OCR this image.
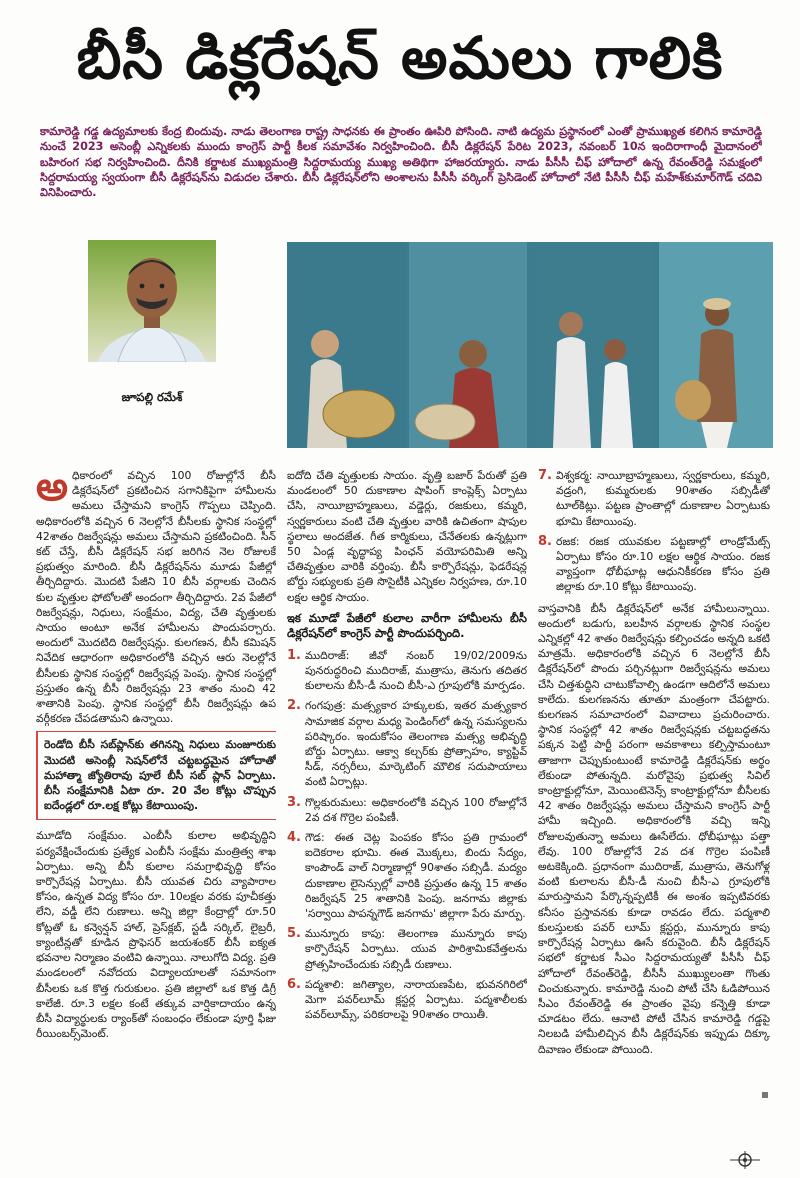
బీసీ డిక్లరేషన్ అమలు గాలికి

కామారెడ్డి గడ్డ ఉద్యమాలకు కేంద్ర బిందువు. నాడు తెలంగాణ రాష్ట్ర సాధనకు ఈ ప్రాంతం ఊపిరి పోసింది. నాటి ఉద్యమ ప్రస్థానంలో ఎంతో ప్రాముఖ్యత కలిగిన కామారెడ్డి నుంచే 2023 అసెంబ్లీ ఎన్నికలకు ముందు కాంగ్రెస్ పార్టీ కీలక సమావేశం నిర్వహించింది. బీసీ డిక్లరేషన్ పేరిట 2023, నవంబర్ 10న ఇందిరాగాంధీ మైదానంలో బహిరంగ సభ నిర్వహించింది. దీనికి కర్ణాటక ముఖ్యమంత్రి సిద్దరామయ్య ముఖ్య అతిథిగా హాజరయ్యారు. నాడు పీసీసీ చీఫ్ హోదాలో ఉన్న రేవంత్‌రెడ్డి సమక్షంలో సిద్దరామయ్య స్వయంగా బీసీ డిక్లరేషన్‌ను విడుదల చేశారు. బీసీ డిక్లరేషన్‌లోని అంశాలను పీసీసీ వర్కింగ్ ప్రెసిడెంట్ హోదాలో నేటి పీసీసీ చీఫ్ మహేశ్‌కుమార్‌గౌడ్ చదివి వినిపించారు.

జూపల్లి రమేశ్

అధికారంలో వచ్చిన 100 రోజుల్లోనే బీసీ డిక్లరేషన్‌లో ప్రకటించిన సగానికిపైగా హామీలను అమలు చేస్తామని కాంగ్రెస్ గొప్పలు చెప్పింది. అధికారంలోకి వచ్చిన 6 నెలల్లోనే బీసీలకు స్థానిక సంస్థల్లో 42శాతం రిజర్వేషన్లు అమలు చేస్తామని ప్రకటించింది. సీన్ కట్ చేస్తే, బీసీ డిక్లరేషన్ సభ జరిగిన నెల రోజులకే ప్రభుత్వం మారింది. బీసీ డిక్లరేషన్‌ను మూడు పేజీల్లో తీర్చిదిద్దారు. మొదటి పేజీని 10 బీసీ వర్గాలకు చెందిన కుల వృత్తుల ఫోటోలతో అందంగా తీర్చిదిద్దారు. 2వ పేజీలో రిజర్వేషన్లు, నిధులు, సంక్షేమం, విద్య, చేతి వృత్తులకు సాయం అంటూ అనేక హామీలను పొందుపర్చారు. అందులో మొదటిది రిజర్వేషన్లు. కులగణన, బీసీ కమిషన్ నివేదిక ఆధారంగా అధికారంలోకి వచ్చిన ఆరు నెలల్లోనే బీసీలకు స్థానిక సంస్థల్లో రిజర్వేషన్ల పెంపు. స్థానిక సంస్థల్లో ప్రస్తుతం ఉన్న బీసీ రిజర్వేషన్లు 23 శాతం నుంచి 42 శాతానికి పెంపు. స్థానిక సంస్థల్లో బీసీ రిజర్వేషన్లు ఉప వర్గీకరణ చేపడతామని ఉన్నాయి.

రెండోది బీసీ సబ్‌ప్లాన్‌కు తగినన్ని నిధులు మంజూరుకు మొదటి అసెంబ్లీ సెషన్‌లోనే చట్టబద్ధమైన హోదాతో మహాత్మా జ్యోతిరావు పూలే బీసీ సబ్ ప్లాన్ ఏర్పాటు. బీసీ సంక్షేమానికి ఏటా రూ. 20 వేల కోట్లు చొప్పున ఐదేండ్లలో రూ.లక్ష కోట్లు కేటాయింపు.

మూడోది సంక్షేమం. ఎంబీసీ కులాల అభివృద్ధిని పర్యవేక్షించేందుకు ప్రత్యేక ఎంబీసీ సంక్షేమ మంత్రిత్వ శాఖ ఏర్పాటు. అన్ని బీసీ కులాల సమగ్రాభివృద్ధి కోసం కార్పొరేషన్ల ఏర్పాటు. బీసీ యువత చిరు వ్యాపారాల కోసం, ఉన్నత విద్య కోసం రూ. 10లక్షల వరకు పూచీకత్తు లేని, వడ్డీ లేని రుణాలు. అన్ని జిల్లా కేంద్రాల్లో రూ.50 కోట్లతో ఓ కన్వెన్షన్ హాల్, ప్రెస్‌క్లబ్, స్టడీ సర్కిల్, లైబ్రరీ, క్యాంటీన్లతో కూడిన ప్రొఫెసర్ జయశంకర్ బీసీ ఐక్యత భవనాల నిర్మాణం వంటివి ఉన్నాయి. నాలుగోది విద్య. ప్రతి మండలంలో నవోదయ విద్యాలయాలతో సమానంగా బీసీలకు ఒక కొత్త గురుకులం. ప్రతి జిల్లాలో ఒక కొత్త డిగ్రీ కాలేజీ. రూ.3 లక్షల కంటే తక్కువ వార్షికాదాయం ఉన్న బీసీ విద్యార్థులకు ర్యాంక్‌తో సంబంధం లేకుండా పూర్తి ఫీజు రీయింబర్స్‌మెంట్.

ఐదోది చేతి వృత్తులకు సాయం. వృత్తి బజార్ పేరుతో ప్రతి మండలంలో 50 దుకాణాల షాపింగ్ కాంప్లెక్స్ ఏర్పాటు చేసి, నాయీబ్రాహ్మణులు, వడ్డెర్లు, రజకులు, కమ్మరి, స్వర్ణకారులు వంటి చేతి వృత్తుల వారికి ఉచితంగా షాపుల స్థలాలు అందజేత. గీత కార్మికులు, చేనేతలకు ఉన్నట్లుగా 50 ఏండ్ల వృద్ధాప్య పింఛన్ వయోపరిమితి అన్ని చేతివృత్తుల వారికి వర్తింపు. బీసీ కార్పొరేషన్లు, ఫెడరేషన్ల బోర్డు సభ్యులకు ప్రతి సొసైటీకి ఎన్నికల నిర్వహణ, రూ.10 లక్షల ఆర్థిక సాయం.

ఇక మూడో పేజీలో కులాల వారీగా హామీలను బీసీ డిక్లరేషన్‌లో కాంగ్రెస్ పార్టీ పొందుపర్చింది.
1. ముదిరాజ్: జీవో నంబర్ 19/02/2009ను పునరుద్ధరించి ముదిరాజ్, ముత్రాసు, తెనుగు తదితర కులాలను బీసీ-డీ నుంచి బీసీ-ఎ గ్రూపులోకి మార్పడం.
2. గంగపుత్ర: మత్స్యకార హక్కులకు, ఇతర మత్స్యకార సామాజిక వర్గాల మధ్య పెండింగ్‌లో ఉన్న సమస్యలను పరిష్కారం. ఇందుకోసం తెలంగాణ మత్స్య అభివృద్ధి బోర్డు ఏర్పాటు. ఆక్వా కల్చర్‌కు ప్రోత్సాహం, క్యాప్టివ్ సీడ్, నర్సరీలు, మార్కెటింగ్ మౌలిక సదుపాయాలు వంటి ఏర్పాట్లు.
3. గొల్లకురుమలు: అధికారంలోకి వచ్చిన 100 రోజుల్లోనే 2వ దశ గొర్రెల పంపిణీ.
4. గౌడ: ఈత చెట్ల పెంపకం కోసం ప్రతి గ్రామంలో ఐదెకరాల భూమి. ఈత మొక్కలు, బిందు సేద్యం, కాంపౌండ్ వాల్ నిర్మాణాల్లో 90శాతం సబ్సిడీ. మద్యం దుకాణాల లైసెన్సుల్లో వారికి ప్రస్తుతం ఉన్న 15 శాతం రిజర్వేషన్ 25 శాతానికి పెంపు. జనగామ జిల్లాకు 'సర్వాయి పాపన్నగౌడ్ జనగామ' జిల్లాగా పేరు మార్పు.
5. మున్నూరు కాపు: తెలంగాణ మున్నూరు కాపు కార్పొరేషన్ ఏర్పాటు. యువ పారిశ్రామికవేత్తలను ప్రోత్సహించేందుకు సబ్సిడీ రుణాలు.
6. పద్మశాలి: జగిత్యాల, నారాయణపేట, భువనగిరిలో మెగా పవర్‌లూమ్ క్లస్టర్ల ఏర్పాటు. పద్మశాలీలకు పవర్‌లూమ్స్, పరికరాలపై 90శాతం రాయితీ.
7. విశ్వకర్మ: నాయీబ్రాహ్మణులు, స్వర్ణకారులు, కమ్మరి, వడ్రంగి, కుమ్మరులకు 90శాతం సబ్సిడీతో టూల్‌కిట్లు. పట్టణ ప్రాంతాల్లో దుకాణాల ఏర్పాటుకు భూమి కేటాయింపు.
8. రజక: రజక యువకుల పట్టణాల్లో లాండ్రోమేట్స్ ఏర్పాటు కోసం రూ.10 లక్షల ఆర్థిక సాయం. రజక వ్యాప్తంగా ధోబీఘాట్ల ఆధునికీకరణ కోసం ప్రతి జిల్లాకు రూ.10 కోట్లు కేటాయింపు.

వాస్తవానికి బీసీ డిక్లరేషన్‌లో అనేక హామీలున్నాయి. అందులో బడుగు, బలహీన వర్గాలకు స్థానిక సంస్థల ఎన్నికల్లో 42 శాతం రిజర్వేషన్లు కల్పించడం అన్నది ఒకటి మాత్రమే. అధికారంలోకి వచ్చిన 6 నెలల్లోనే బీసీ డిక్లరేషన్‌లో పొందు పర్చినట్లుగా రిజర్వేషన్లను అమలు చేసి చిత్తశుద్ధిని చాటుకోవాల్సి ఉండగా ఆదిలోనే అమలు కాలేదు. కులగణనను తూతూ మంత్రంగా చేపట్టారు. కులగణన సమాచారంలో వివాదాలు ప్రచురించారు. స్థానిక సంస్థల్లో 42 శాతం రిజర్వేషన్లకు చట్టబద్ధతను పక్కన పెట్టి పార్టీ పరంగా అవకాశాలు కల్పిస్తామంటూ తాజాగా చెప్పుకుంటుంటే కామారెడ్డి డిక్లరేషన్‌కు అర్థం లేకుండా పోతున్నది. మరోవైపు ప్రభుత్వ సివిల్ కాంట్రాక్టుల్లోనూ, మెయింటెనెన్స్ కాంట్రాక్టుల్లోనూ బీసీలకు 42 శాతం రిజర్వేషన్లు అమలు చేస్తామని కాంగ్రెస్ పార్టీ హామీ ఇచ్చింది. అధికారంలోకి వచ్చి ఇన్ని రోజులవుతున్నా అమలు ఊసేలేదు. ధోబీఘాట్లు పత్తా లేవు. 100 రోజుల్లోనే 2వ దశ గొర్రెల పంపిణీ అటకెక్కింది. ప్రధానంగా ముదిరాజ్, ముత్రాసు, తెనుగోళ్ల వంటి కులాలను బీసీ-డీ నుంచి బీసీ-ఎ గ్రూపులోకి మారుస్తామని పేర్కొన్నప్పటికీ ఈ అంశం ఇప్పటివరకు కనీసం ప్రస్తావనకు కూడా రావడం లేదు. పద్మశాలి కులస్తులకు పవర్ లూమ్ క్లస్టర్లు, మున్నూరు కాపు కార్పొరేషన్ల ఏర్పాటు ఊసే కరువైంది. బీసీ డిక్లరేషన్ సభలో కర్ణాటక సీఎం సిద్దరామయ్యతో పీసీసీ చీఫ్ హోదాలో రేవంత్‌రెడ్డి, బీసీసీ ముఖ్యులంతా గొంతు చించుకున్నారు. కామారెడ్డి నుంచి పోటీ చేసి ఓడిపోయిన సీఎం రేవంత్‌రెడ్డి ఈ ప్రాంతం వైపు కన్నెత్తి కూడా చూడటం లేదు. ఆనాటి పోటీ చేసిన కామారెడ్డి గడ్డపై నిలబడి హామీలిచ్చిన బీసీ డిక్లరేషన్‌కు ఇప్పుడు దిక్కూ దివాణం లేకుండా పోయింది.
